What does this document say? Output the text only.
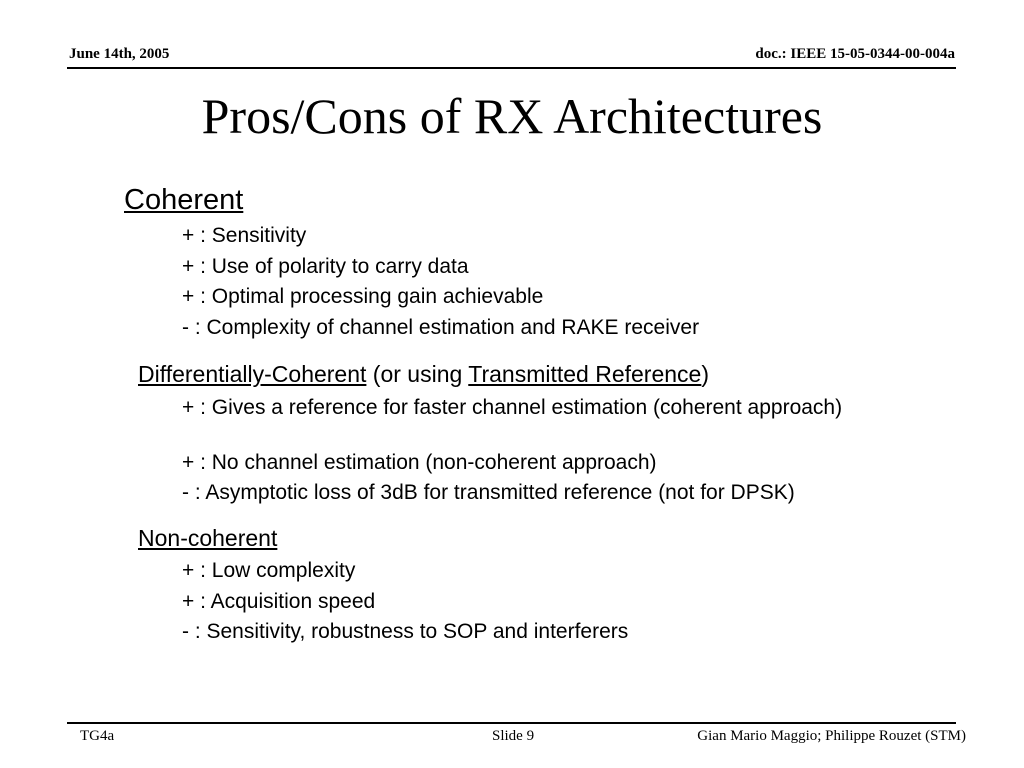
June 14th, 2005	doc.: IEEE 15-05-0344-00-004a
Pros/Cons of RX Architectures
Coherent
+ : Sensitivity
+ : Use of polarity to carry data
+ : Optimal processing gain achievable
- : Complexity of channel estimation and RAKE receiver
Differentially-Coherent (or using Transmitted Reference)
+ : Gives a reference for faster channel estimation (coherent approach)
+ : No channel estimation (non-coherent approach)
- : Asymptotic loss of 3dB for transmitted reference (not for DPSK)
Non-coherent
+ : Low complexity
+ : Acquisition speed
- : Sensitivity, robustness to SOP and interferers
TG4a	Slide 9	Gian Mario Maggio; Philippe Rouzet (STM)
